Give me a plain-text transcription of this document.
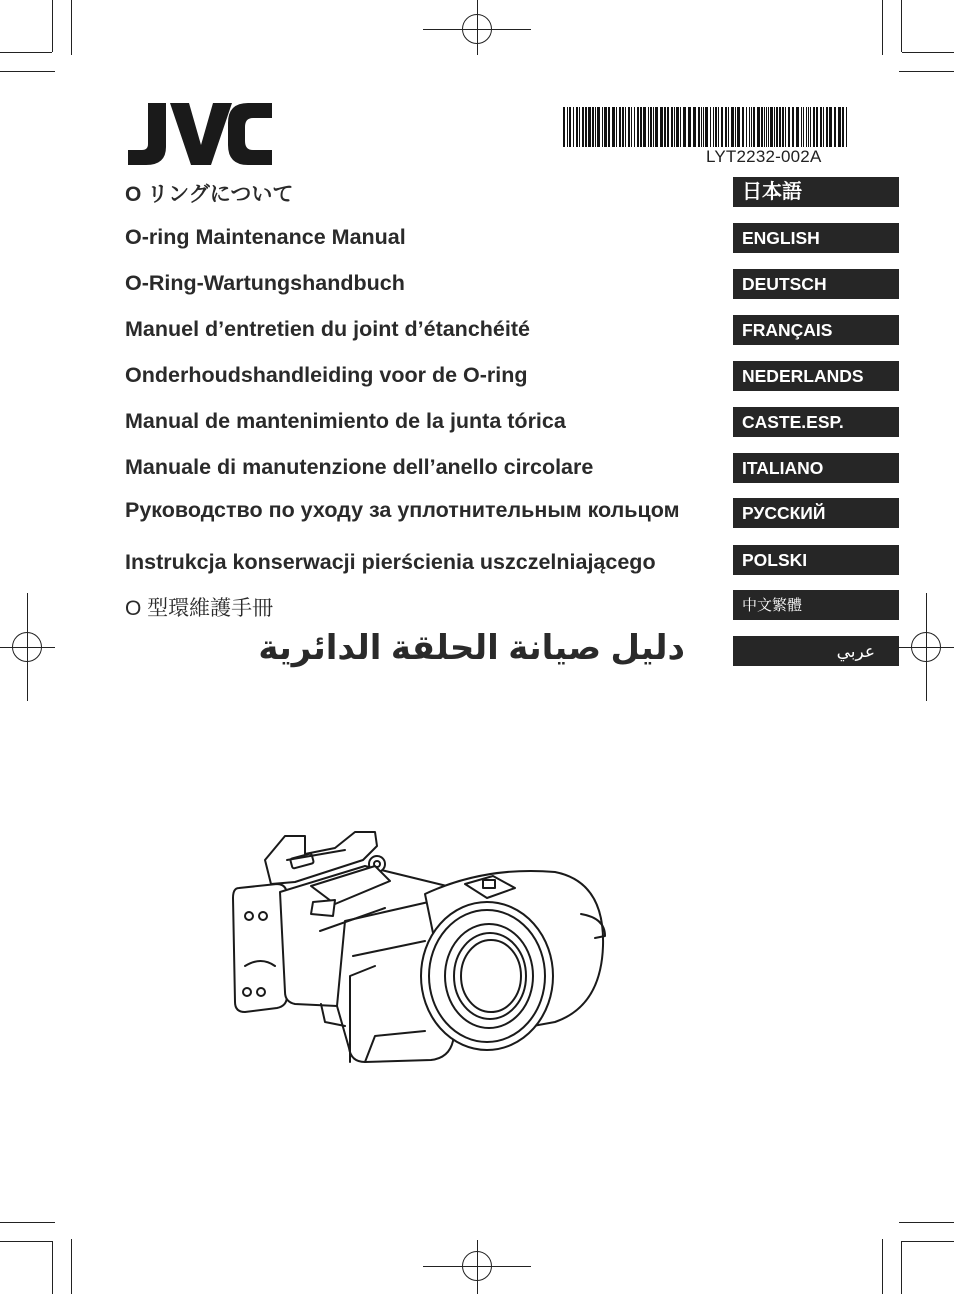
LYT2232-002A
O リングについて
O-ring Maintenance Manual
O-Ring-Wartungshandbuch
Manuel d’entretien du joint d’étanchéité
Onderhoudshandleiding voor de O-ring
Manual de mantenimiento de la junta tórica
Manuale di manutenzione dell’anello circolare
Руководство по уходу за уплотнительным кольцом
Instrukcja konserwacji pierścienia uszczelniającego
O 型環維護手冊
دليل صيانة الحلقة الدائرية
日本語
ENGLISH
DEUTSCH
FRANÇAIS
NEDERLANDS
CASTE.ESP.
ITALIANO
РУССКИЙ
POLSKI
中文繁體
عربي
